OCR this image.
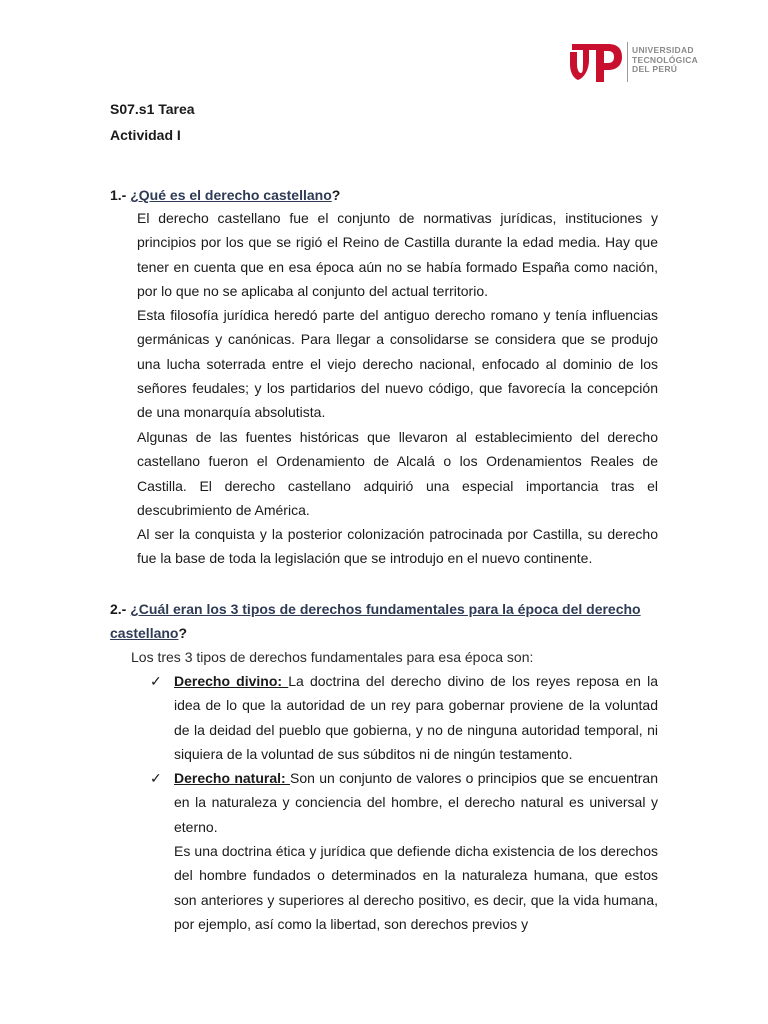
UNIVERSIDAD
TECNOLÓGICA
DEL PERÚ
S07.s1 Tarea
Actividad I
1.- ¿Qué es el derecho castellano?
El derecho castellano fue el conjunto de normativas jurídicas, instituciones y principios por los que se rigió el Reino de Castilla durante la edad media. Hay que tener en cuenta que en esa época aún no se había formado España como nación, por lo que no se aplicaba al conjunto del actual territorio.
Esta filosofía jurídica heredó parte del antiguo derecho romano y tenía influencias germánicas y canónicas. Para llegar a consolidarse se considera que se produjo una lucha soterrada entre el viejo derecho nacional, enfocado al dominio de los señores feudales; y los partidarios del nuevo código, que favorecía la concepción de una monarquía absolutista.
Algunas de las fuentes históricas que llevaron al establecimiento del derecho castellano fueron el Ordenamiento de Alcalá o los Ordenamientos Reales de Castilla. El derecho castellano adquirió una especial importancia tras el descubrimiento de América.
Al ser la conquista y la posterior colonización patrocinada por Castilla, su derecho fue la base de toda la legislación que se introdujo en el nuevo continente.
2.- ¿Cuál eran los 3 tipos de derechos fundamentales para la época del derecho
castellano?
Los tres 3 tipos de derechos fundamentales para esa época son:
✓ Derecho divino: La doctrina del derecho divino de los reyes reposa en la idea de lo que la autoridad de un rey para gobernar proviene de la voluntad de la deidad del pueblo que gobierna, y no de ninguna autoridad temporal, ni siquiera de la voluntad de sus súbditos ni de ningún testamento.
✓ Derecho natural: Son un conjunto de valores o principios que se encuentran en la naturaleza y conciencia del hombre, el derecho natural es universal y eterno.
Es una doctrina ética y jurídica que defiende dicha existencia de los derechos del hombre fundados o determinados en la naturaleza humana, que estos son anteriores y superiores al derecho positivo, es decir, que la vida humana, por ejemplo, así como la libertad, son derechos previos y
